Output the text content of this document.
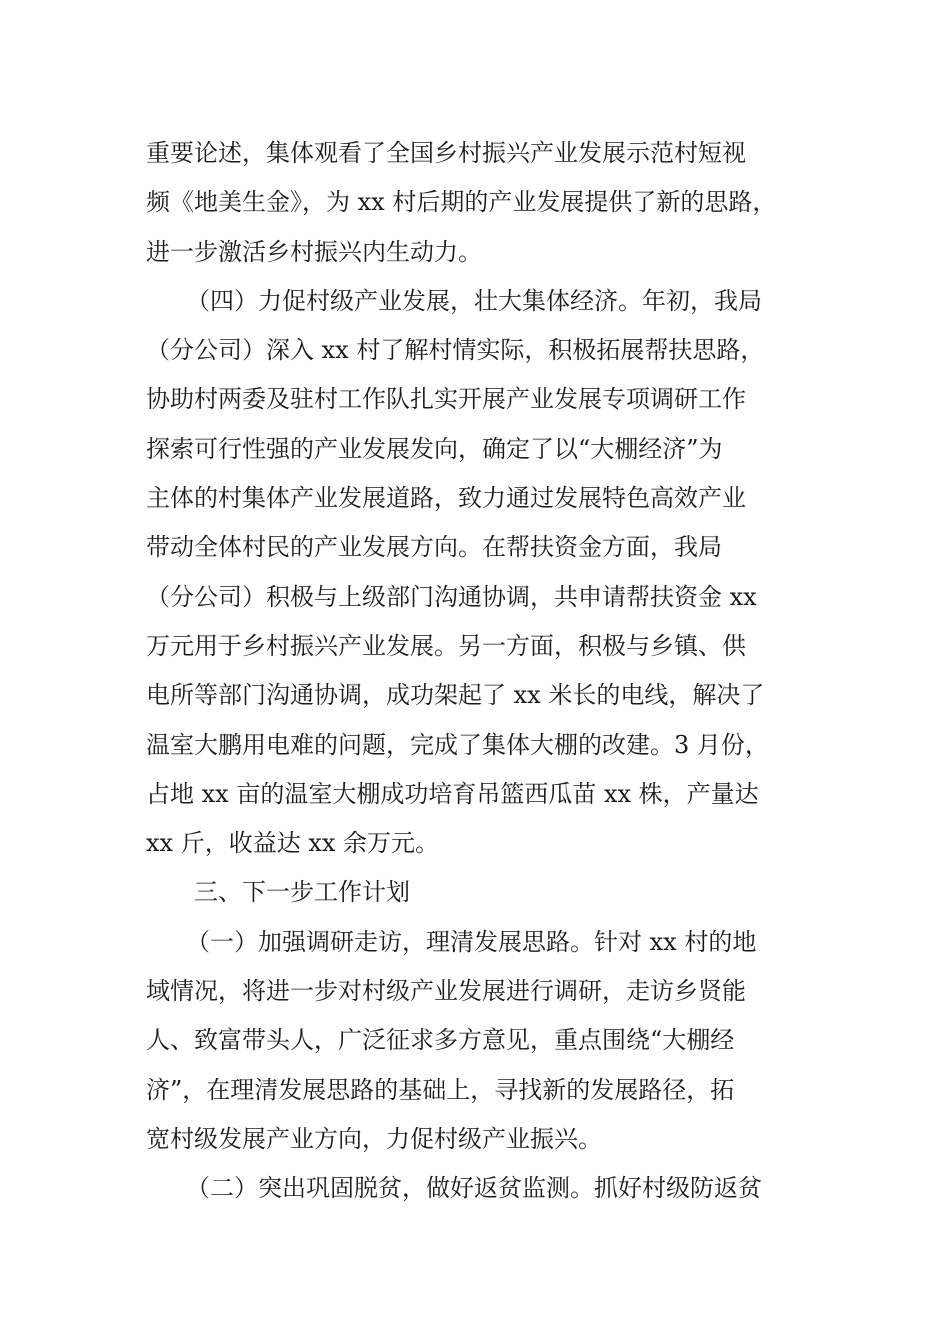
重要论述，集体观看了全国乡村振兴产业发展示范村短视
频《地美生金》，为 xx 村后期的产业发展提供了新的思路，
进一步激活乡村振兴内生动力。
（四）力促村级产业发展，壮大集体经济。年初，我局
（分公司）深入 xx 村了解村情实际，积极拓展帮扶思路，
协助村两委及驻村工作队扎实开展产业发展专项调研工作
探索可行性强的产业发展发向，确定了以“大棚经济”为
主体的村集体产业发展道路，致力通过发展特色高效产业
带动全体村民的产业发展方向。在帮扶资金方面，我局
（分公司）积极与上级部门沟通协调，共申请帮扶资金 xx
万元用于乡村振兴产业发展。另一方面，积极与乡镇、供
电所等部门沟通协调，成功架起了 xx 米长的电线，解决了
温室大鹏用电难的问题，完成了集体大棚的改建。3 月份，
占地 xx 亩的温室大棚成功培育吊篮西瓜苗 xx 株，产量达
xx 斤，收益达 xx 余万元。
三、下一步工作计划
（一）加强调研走访，理清发展思路。针对 xx 村的地
域情况，将进一步对村级产业发展进行调研，走访乡贤能
人、致富带头人，广泛征求多方意见，重点围绕“大棚经
济”，在理清发展思路的基础上，寻找新的发展路径，拓
宽村级发展产业方向，力促村级产业振兴。
（二）突出巩固脱贫，做好返贫监测。抓好村级防返贫
